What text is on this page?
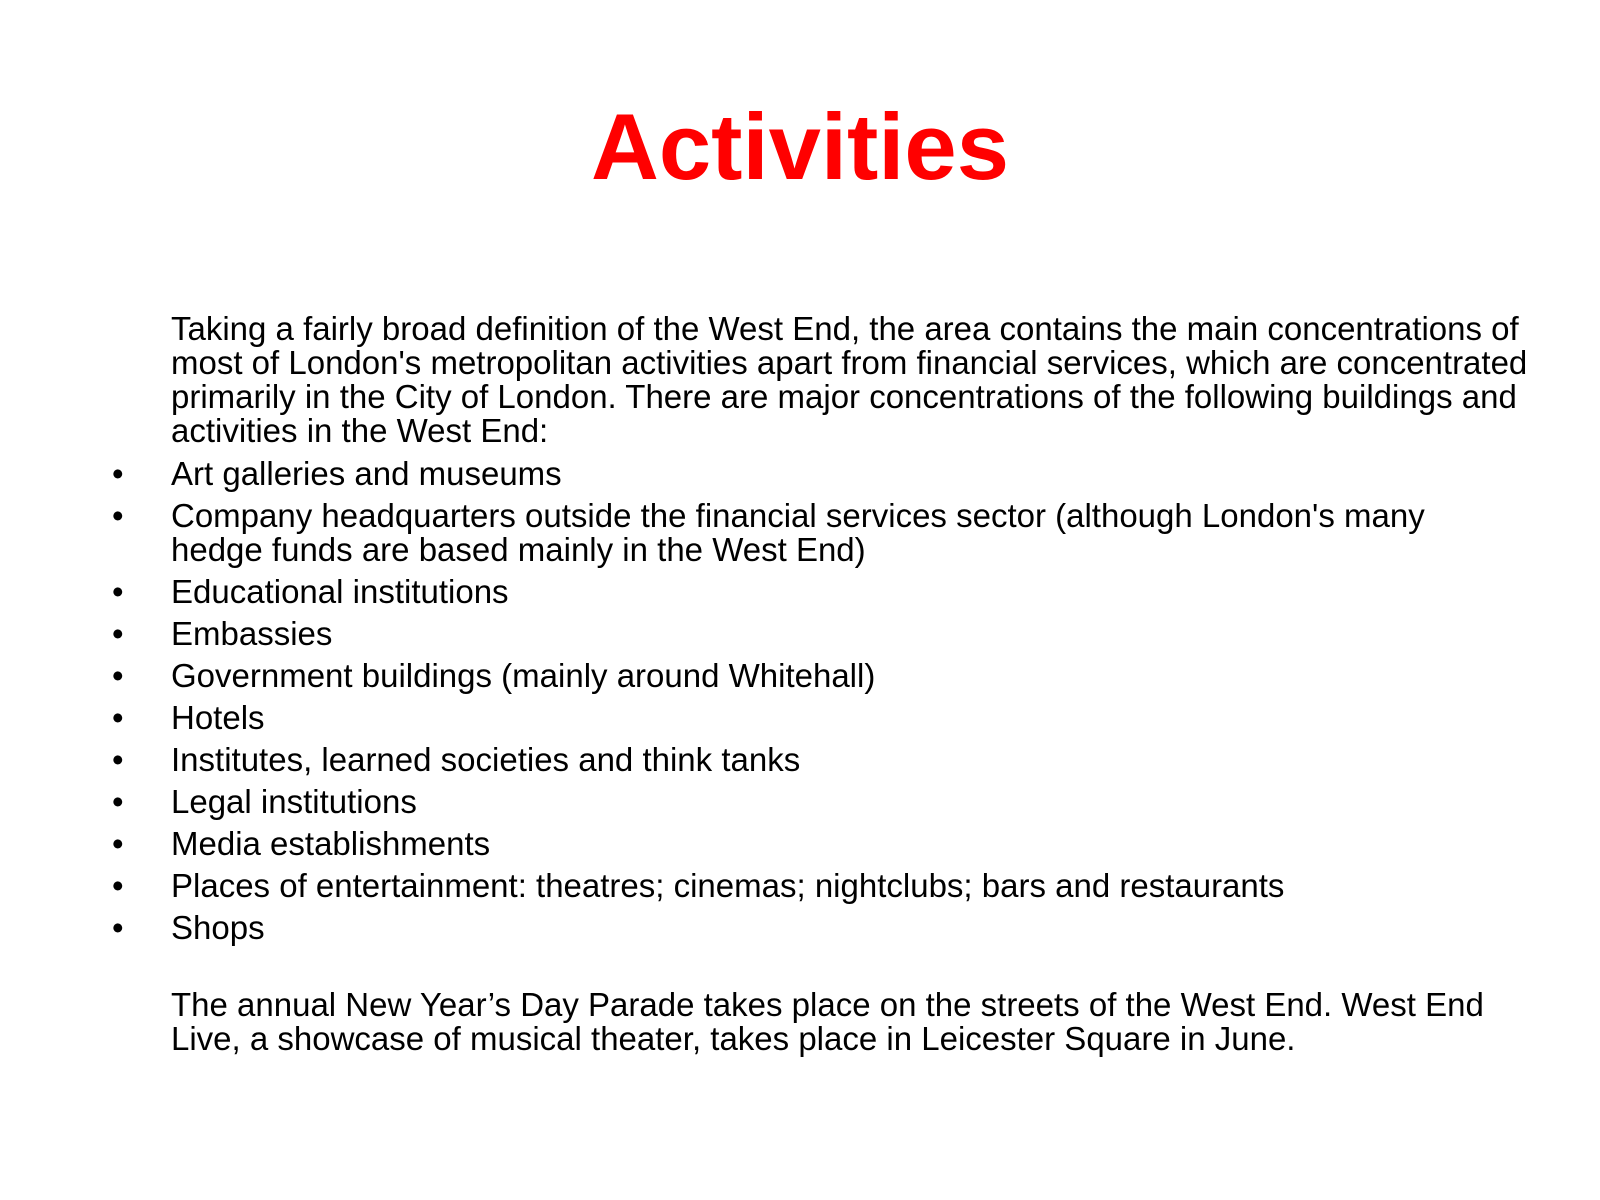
Activities

Taking a fairly broad definition of the West End, the area contains the main concentrations of most of London's metropolitan activities apart from financial services, which are concentrated primarily in the City of London. There are major concentrations of the following buildings and activities in the West End:

• Art galleries and museums
• Company headquarters outside the financial services sector (although London's many hedge funds are based mainly in the West End)
• Educational institutions
• Embassies
• Government buildings (mainly around Whitehall)
• Hotels
• Institutes, learned societies and think tanks
• Legal institutions
• Media establishments
• Places of entertainment: theatres; cinemas; nightclubs; bars and restaurants
• Shops

The annual New Year’s Day Parade takes place on the streets of the West End. West End Live, a showcase of musical theater, takes place in Leicester Square in June.
